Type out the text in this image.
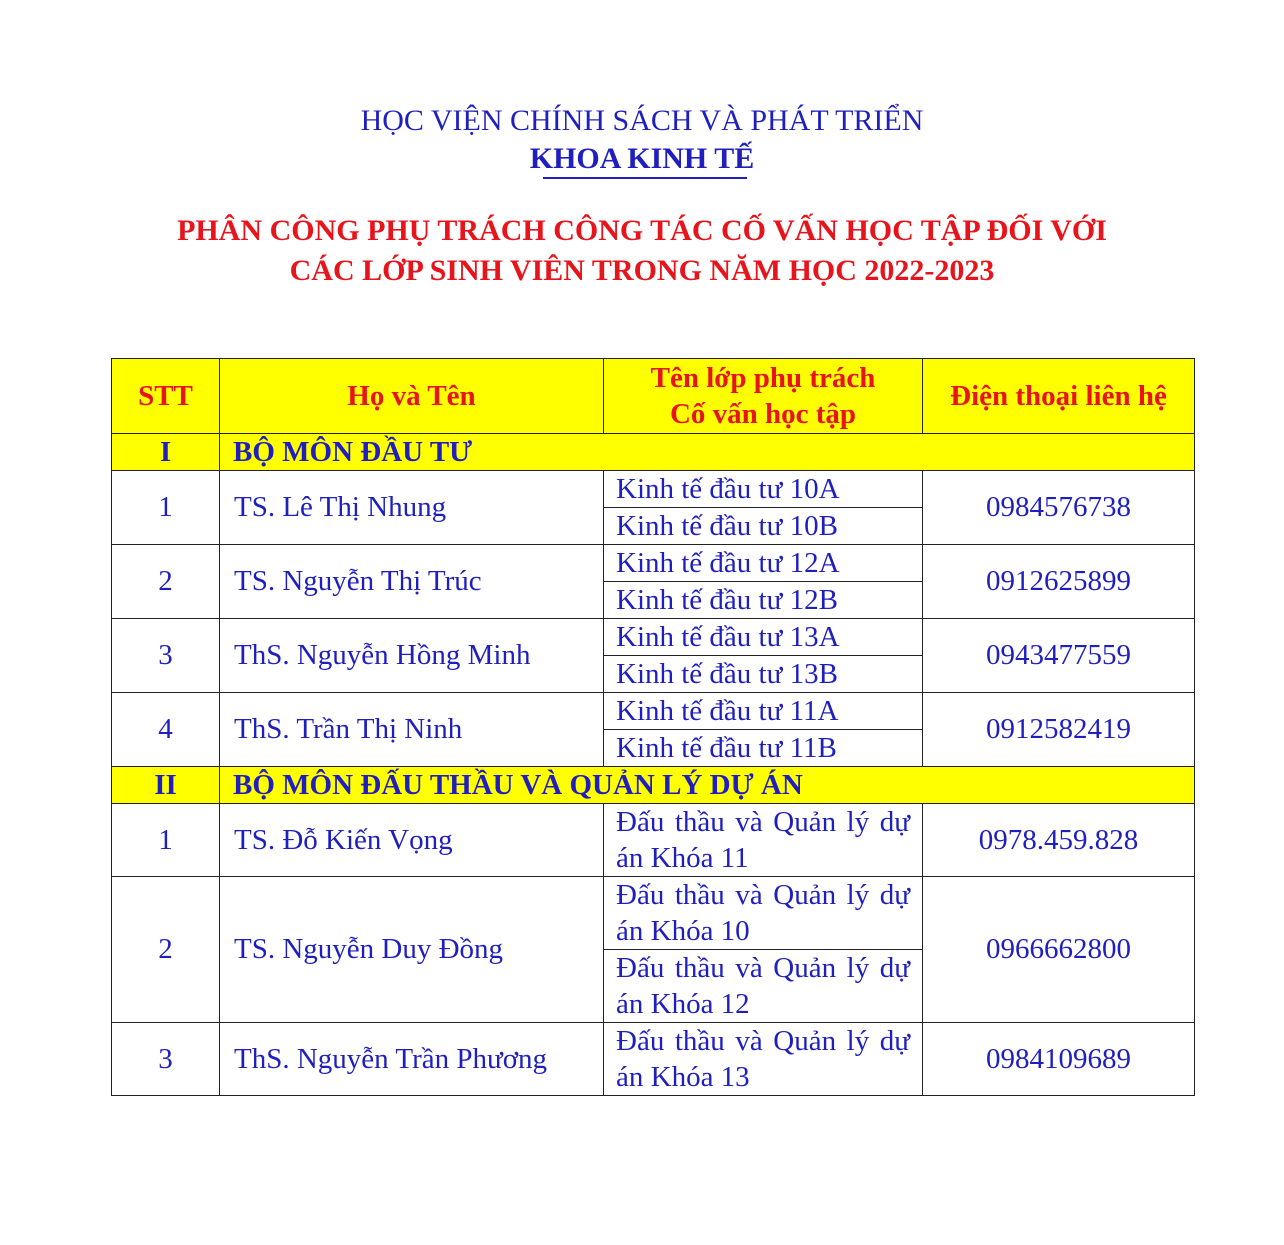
HỌC VIỆN CHÍNH SÁCH VÀ PHÁT TRIỂN
KHOA KINH TẾ
PHÂN CÔNG PHỤ TRÁCH CÔNG TÁC CỐ VẤN HỌC TẬP ĐỐI VỚI
CÁC LỚP SINH VIÊN TRONG NĂM HỌC 2022-2023
STT	Họ và Tên	Tên lớp phụ trách Cố vấn học tập	Điện thoại liên hệ
I	BỘ MÔN ĐẦU TƯ		
1	TS. Lê Thị Nhung	Kinh tế đầu tư 10A	0984576738
		Kinh tế đầu tư 10B	
2	TS. Nguyễn Thị Trúc	Kinh tế đầu tư 12A	0912625899
		Kinh tế đầu tư 12B	
3	ThS. Nguyễn Hồng Minh	Kinh tế đầu tư 13A	0943477559
		Kinh tế đầu tư 13B	
4	ThS. Trần Thị Ninh	Kinh tế đầu tư 11A	0912582419
		Kinh tế đầu tư 11B	
II	BỘ MÔN ĐẤU THẦU VÀ QUẢN LÝ DỰ ÁN		
1	TS. Đỗ Kiến Vọng	Đấu thầu và Quản lý dự án Khóa 11	0978.459.828
2	TS. Nguyễn Duy Đồng	Đấu thầu và Quản lý dự án Khóa 10	0966662800
		Đấu thầu và Quản lý dự án Khóa 12	
3	ThS. Nguyễn Trần Phương	Đấu thầu và Quản lý dự án Khóa 13	0984109689
